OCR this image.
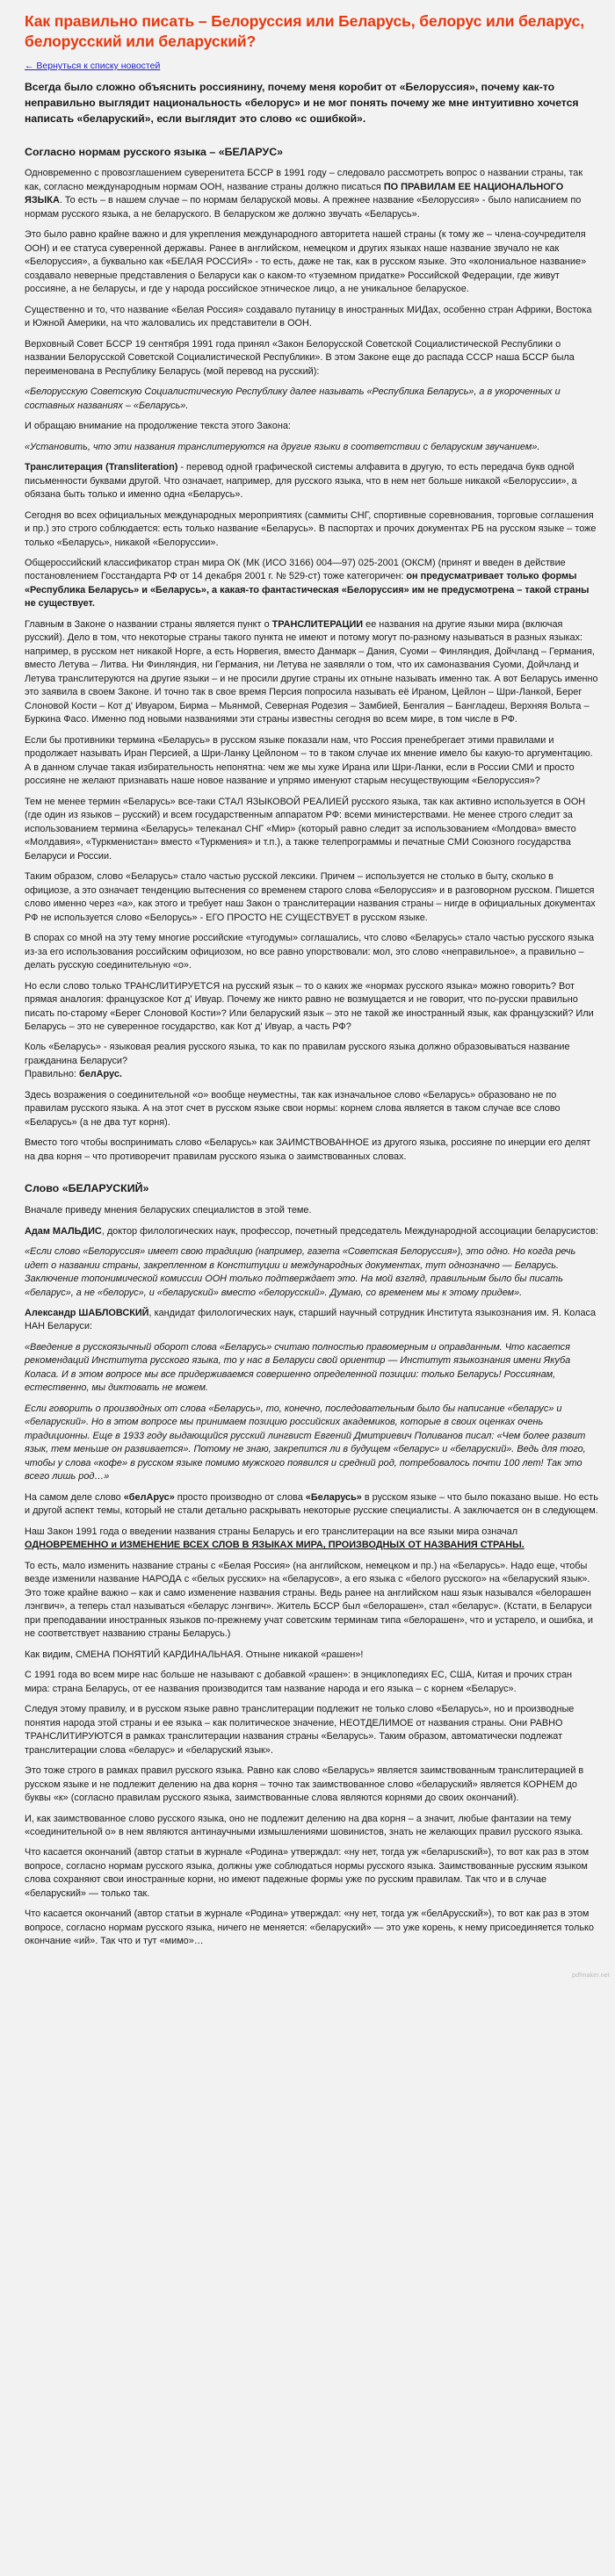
Как правильно писать – Белоруссия или Беларусь, белорус или беларус, белорусский или беларуский?
← Вернуться к списку новостей

Всегда было сложно объяснить россиянину, почему меня коробит от «Белоруссия», почему как-то неправильно выглядит национальность «белорус» и не мог понять почему же мне интуитивно хочется написать «беларуский», если выглядит это слово «с ошибкой».

Согласно нормам русского языка – «БЕЛАРУС»

Одновременно с провозглашением суверенитета БССР в 1991 году – следовало рассмотреть вопрос о названии страны, так как, согласно международным нормам ООН, название страны должно писаться ПО ПРАВИЛАМ ЕЕ НАЦИОНАЛЬНОГО ЯЗЫКА. То есть – в нашем случае – по нормам беларуской мовы. А прежнее название «Белоруссия» - было написанием по нормам русского языка, а не беларуского. В беларуском же должно звучать «Беларусь».

Это было равно крайне важно и для укрепления международного авторитета нашей страны (к тому же – члена-соучредителя ООН) и ее статуса суверенной державы. Ранее в английском, немецком и других языках наше название звучало не как «Белоруссия», а буквально как «БЕЛАЯ РОССИЯ» - то есть, даже не так, как в русском языке. Это «колониальное название» создавало неверные представления о Беларуси как о каком-то «туземном придатке» Российской Федерации, где живут россияне, а не беларусы, и где у народа российское этническое лицо, а не уникальное беларуское.

Существенно и то, что название «Белая Россия» создавало путаницу в иностранных МИДах, особенно стран Африки, Востока и Южной Америки, на что жаловались их представители в ООН.

Верховный Совет БССР 19 сентября 1991 года принял «Закон Белорусской Советской Социалистической Республики о названии Белорусской Советской Социалистической Республики». В этом Законе еще до распада СССР наша БССР была переименована в Республику Беларусь (мой перевод на русский):

«Белорусскую Советскую Социалистическую Республику далее называть «Республика Беларусь», а в укороченных и составных названиях – «Беларусь».

И обращаю внимание на продолжение текста этого Закона:

«Установить, что эти названия транслитеруются на другие языки в соответствии с беларуским звучанием».

Транслитерация (Transliteration) - перевод одной графической системы алфавита в другую, то есть передача букв одной письменности буквами другой. Что означает, например, для русского языка, что в нем нет больше никакой «Белоруссии», а обязана быть только и именно одна «Беларусь».

Сегодня во всех официальных международных мероприятиях (саммиты СНГ, спортивные соревнования, торговые соглашения и пр.) это строго соблюдается: есть только название «Беларусь». В паспортах и прочих документах РБ на русском языке – тоже только «Беларусь», никакой «Белоруссии».

Общероссийский классификатор стран мира ОК (МК (ИСО 3166) 004—97) 025-2001 (ОКСМ) (принят и введен в действие постановлением Госстандарта РФ от 14 декабря 2001 г. № 529-ст) тоже категоричен: он предусматривает только формы «Республика Беларусь» и «Беларусь», а какая-то фантастическая «Белоруссия» им не предусмотрена – такой страны не существует.

Главным в Законе о названии страны является пункт о ТРАНСЛИТЕРАЦИИ ее названия на другие языки мира (включая русский). Дело в том, что некоторые страны такого пункта не имеют и потому могут по-разному называться в разных языках: например, в русском нет никакой Норге, а есть Норвегия, вместо Данмарк – Дания, Суоми – Финляндия, Дойчланд – Германия, вместо Летува – Литва. Ни Финляндия, ни Германия, ни Летува не заявляли о том, что их самоназвания Суоми, Дойчланд и Летува транслитеруются на другие языки – и не просили другие страны их отныне называть именно так. А вот Беларусь именно это заявила в своем Законе. И точно так в свое время Персия попросила называть её Ираном, Цейлон – Шри-Ланкой, Берег Слоновой Кости – Кот д' Ивуаром, Бирма – Мьянмой, Северная Родезия – Замбией, Бенгалия – Бангладеш, Верхняя Вольта – Буркина Фасо. Именно под новыми названиями эти страны известны сегодня во всем мире, в том числе в РФ.

Если бы противники термина «Беларусь» в русском языке показали нам, что Россия пренебрегает этими правилами и продолжает называть Иран Персией, а Шри-Ланку Цейлоном – то в таком случае их мнение имело бы какую-то аргументацию. А в данном случае такая избирательность непонятна: чем же мы хуже Ирана или Шри-Ланки, если в России СМИ и просто россияне не желают признавать наше новое название и упрямо именуют старым несуществующим «Белоруссия»?

Тем не менее термин «Беларусь» все-таки СТАЛ ЯЗЫКОВОЙ РЕАЛИЕЙ русского языка, так как активно используется в ООН (где один из языков – русский) и всем государственным аппаратом РФ: всеми министерствами. Не менее строго следит за использованием термина «Беларусь» телеканал СНГ «Мир» (который равно следит за использованием «Молдова» вместо «Молдавия», «Туркменистан» вместо «Туркмения» и т.п.), а также телепрограммы и печатные СМИ Союзного государства Беларуси и России.

Таким образом, слово «Беларусь» стало частью русской лексики. Причем – используется не столько в быту, сколько в официозе, а это означает тенденцию вытеснения со временем старого слова «Белоруссия» и в разговорном русском. Пишется слово именно через «а», как этого и требует наш Закон о транслитерации названия страны – нигде в официальных документах РФ не используется слово «Белорусь» - ЕГО ПРОСТО НЕ СУЩЕСТВУЕТ в русском языке.

В спорах со мной на эту тему многие российские «тугодумы» соглашались, что слово «Беларусь» стало частью русского языка из-за его использования российским официозом, но все равно упорствовали: мол, это слово «неправильное», а правильно – делать русскую соединительную «о».

Но если слово только ТРАНСЛИТИРУЕТСЯ на русский язык – то о каких же «нормах русского языка» можно говорить? Вот прямая аналогия: французское Кот д' Ивуар. Почему же никто равно не возмущается и не говорит, что по-русски правильно писать по-старому «Берег Слоновой Кости»? Или беларуский язык – это не такой же иностранный язык, как французский? Или Беларусь – это не суверенное государство, как Кот д' Ивуар, а часть РФ?

Коль «Беларусь» - языковая реалия русского языка, то как по правилам русского языка должно образовываться название гражданина Беларуси?
Правильно: белАрус.

Здесь возражения о соединительной «о» вообще неуместны, так как изначальное слово «Беларусь» образовано не по правилам русского языка. А на этот счет в русском языке свои нормы: корнем слова является в таком случае все слово «Беларусь» (а не два тут корня).

Вместо того чтобы воспринимать слово «Беларусь» как ЗАИМСТВОВАННОЕ из другого языка, россияне по инерции его делят на два корня – что противоречит правилам русского языка о заимствованных словах.

Слово «БЕЛАРУСКИЙ»

Вначале приведу мнения беларуских специалистов в этой теме.

Адам МАЛЬДИС, доктор филологических наук, профессор, почетный председатель Международной ассоциации беларусистов:

«Если слово «Белоруссия» имеет свою традицию (например, газета «Советская Белоруссия»), это одно. Но когда речь идет о названии страны, закрепленном в Конституции и международных документах, тут однозначно — Беларусь. Заключение топонимической комиссии ООН только подтверждает это. На мой взгляд, правильным было бы писать «беларус», а не «белорус», и «беларуский» вместо «белорусский». Думаю, со временем мы к этому придем».

Александр ШАБЛОВСКИЙ, кандидат филологических наук, старший научный сотрудник Института языкознания им. Я. Коласа НАН Беларуси:

«Введение в русскоязычный оборот слова «Беларусь» считаю полностью правомерным и оправданным. Что касается рекомендаций Института русского языка, то у нас в Беларуси свой ориентир — Институт языкознания имени Якуба Коласа. И в этом вопросе мы все придерживаемся совершенно определенной позиции: только Беларусь! Россиянам, естественно, мы диктовать не можем.

Если говорить о производных от слова «Беларусь», то, конечно, последовательным было бы написание «беларус» и «беларуский». Но в этом вопросе мы принимаем позицию российских академиков, которые в своих оценках очень традиционны. Еще в 1933 году выдающийся русский лингвист Евгений Дмитриевич Поливанов писал: «Чем более развит язык, тем меньше он развивается». Потому не знаю, закрепится ли в будущем «беларус» и «беларуский». Ведь для того, чтобы у слова «кофе» в русском языке помимо мужского появился и средний род, потребовалось почти 100 лет! Так это всего лишь род…»

На самом деле слово «белАрус» просто производно от слова «Беларусь» в русском языке – что было показано выше. Но есть и другой аспект темы, который не стали детально раскрывать некоторые русские специалисты. А заключается он в следующем.

Наш Закон 1991 года о введении названия страны Беларусь и его транслитерации на все языки мира означал ОДНОВРЕМЕННО и ИЗМЕНЕНИЕ ВСЕХ СЛОВ В ЯЗЫКАХ МИРА, ПРОИЗВОДНЫХ ОТ НАЗВАНИЯ СТРАНЫ.

То есть, мало изменить название страны с «Белая Россия» (на английском, немецком и пр.) на «Беларусь». Надо еще, чтобы везде изменили название НАРОДА с «белых русских» на «беларусов», а его языка с «белого русского» на «беларуский язык». Это тоже крайне важно – как и само изменение названия страны. Ведь ранее на английском наш язык назывался «белорашен лэнгвич», а теперь стал называться «беларус лэнгвич». Житель БССР был «белорашен», стал «беларус». (Кстати, в Беларуси при преподавании иностранных языков по-прежнему учат советским терминам типа «белорашен», что и устарело, и ошибка, и не соответствует названию страны Беларусь.)

Как видим, СМЕНА ПОНЯТИЙ КАРДИНАЛЬНАЯ. Отныне никакой «рашен»!

С 1991 года во всем мире нас больше не называют с добавкой «рашен»: в энциклопедиях ЕС, США, Китая и прочих стран мира: страна Беларусь, от ее названия производится там название народа и его языка – с корнем «Беларус».

Следуя этому правилу, и в русском языке равно транслитерации подлежит не только слово «Беларусь», но и производные понятия народа этой страны и ее языка – как политическое значение, НЕОТДЕЛИМОЕ от названия страны. Они РАВНО ТРАНСЛИТИРУЮТСЯ в рамках транслитерации названия страны «Беларусь». Таким образом, автоматически подлежат транслитерации слова «беларус» и «беларуский язык».

Это тоже строго в рамках правил русского языка. Равно как слово «Беларусь» является заимствованным транслитерацией в русском языке и не подлежит делению на два корня – точно так заимствованное слово «беларуский» является КОРНЕМ до буквы «к» (согласно правилам русского языка, заимствованные слова являются корнями до своих окончаний).

И, как заимствованное слово русского языка, оно не подлежит делению на два корня – а значит, любые фантазии на тему «соединительной о» в нем являются антинаучными измышлениями шовинистов, знать не желающих правил русского языка.

Что касается окончаний (автор статьи в журнале «Родина» утверждал: «ну нет, тогда уж «беларusский»), то вот как раз в этом вопросе, согласно нормам русского языка, должны уже соблюдаться нормы русского языка. Заимствованные русским языком слова сохраняют свои иностранные корни, но имеют падежные формы уже по русским правилам. Так что и в случае «беларуский» — только так.

Что касается окончаний (автор статьи в журнале «Родина» утверждал: «ну нет, тогда уж «белАрусский»), то вот как раз в этом вопросе, согласно нормам русского языка, ничего не меняется: «беларуский» — это уже корень, к нему присоединяется только окончание «ий». Так что и тут «мимо»…

pdfmaker.net
